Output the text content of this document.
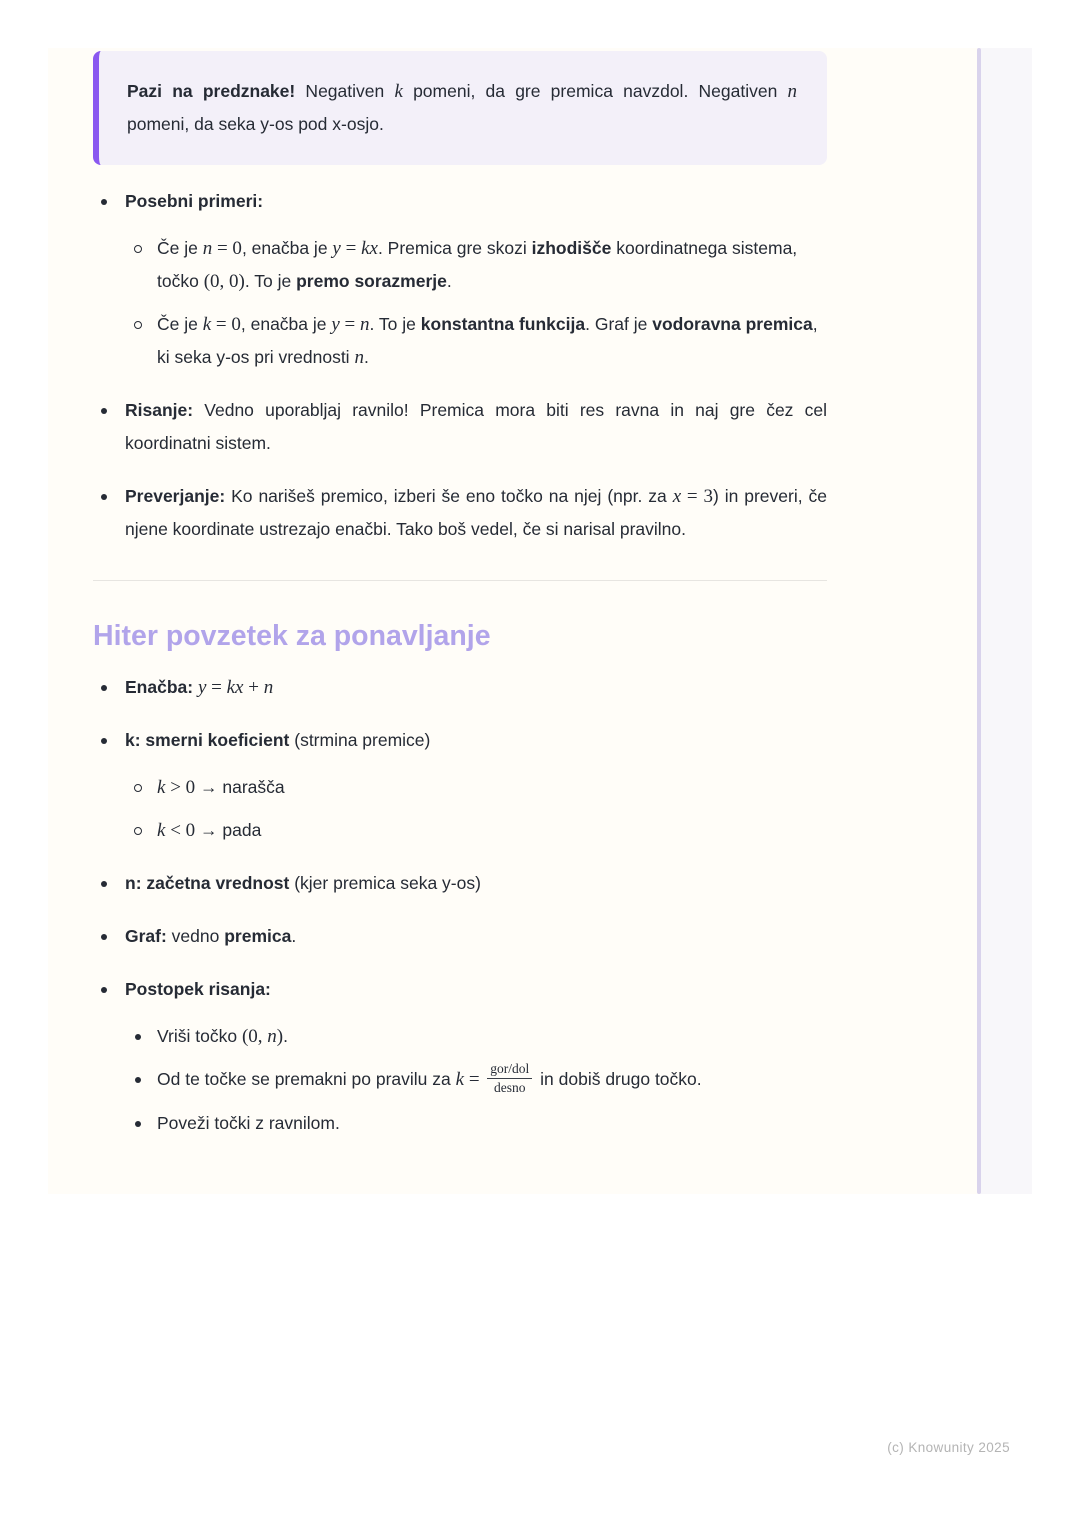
Pazi na predznake! Negativen k pomeni, da gre premica navzdol. Negativen n pomeni, da seka y-os pod x-osjo.
Posebni primeri:
Če je n = 0, enačba je y = kx. Premica gre skozi izhodišče koordinatnega sistema, točko (0, 0). To je premo sorazmerje.
Če je k = 0, enačba je y = n. To je konstantna funkcija. Graf je vodoravna premica, ki seka y-os pri vrednosti n.
Risanje: Vedno uporabljaj ravnilo! Premica mora biti res ravna in naj gre čez cel koordinatni sistem.
Preverjanje: Ko narišeš premico, izberi še eno točko na njej (npr. za x = 3) in preveri, če njene koordinate ustrezajo enačbi. Tako boš vedel, če si narisal pravilno.
Hiter povzetek za ponavljanje
Enačba: y = kx + n
k: smerni koeficient (strmina premice)
k > 0 → narašča
k < 0 → pada
n: začetna vrednost (kjer premica seka y-os)
Graf: vedno premica.
Postopek risanja:
Vriši točko (0, n).
Od te točke se premakni po pravilu za $k = \frac{\text{gor/dol}}{\text{desno}}$ in dobiš drugo točko.
Poveži točki z ravnilom.
(c) Knowunity 2025
